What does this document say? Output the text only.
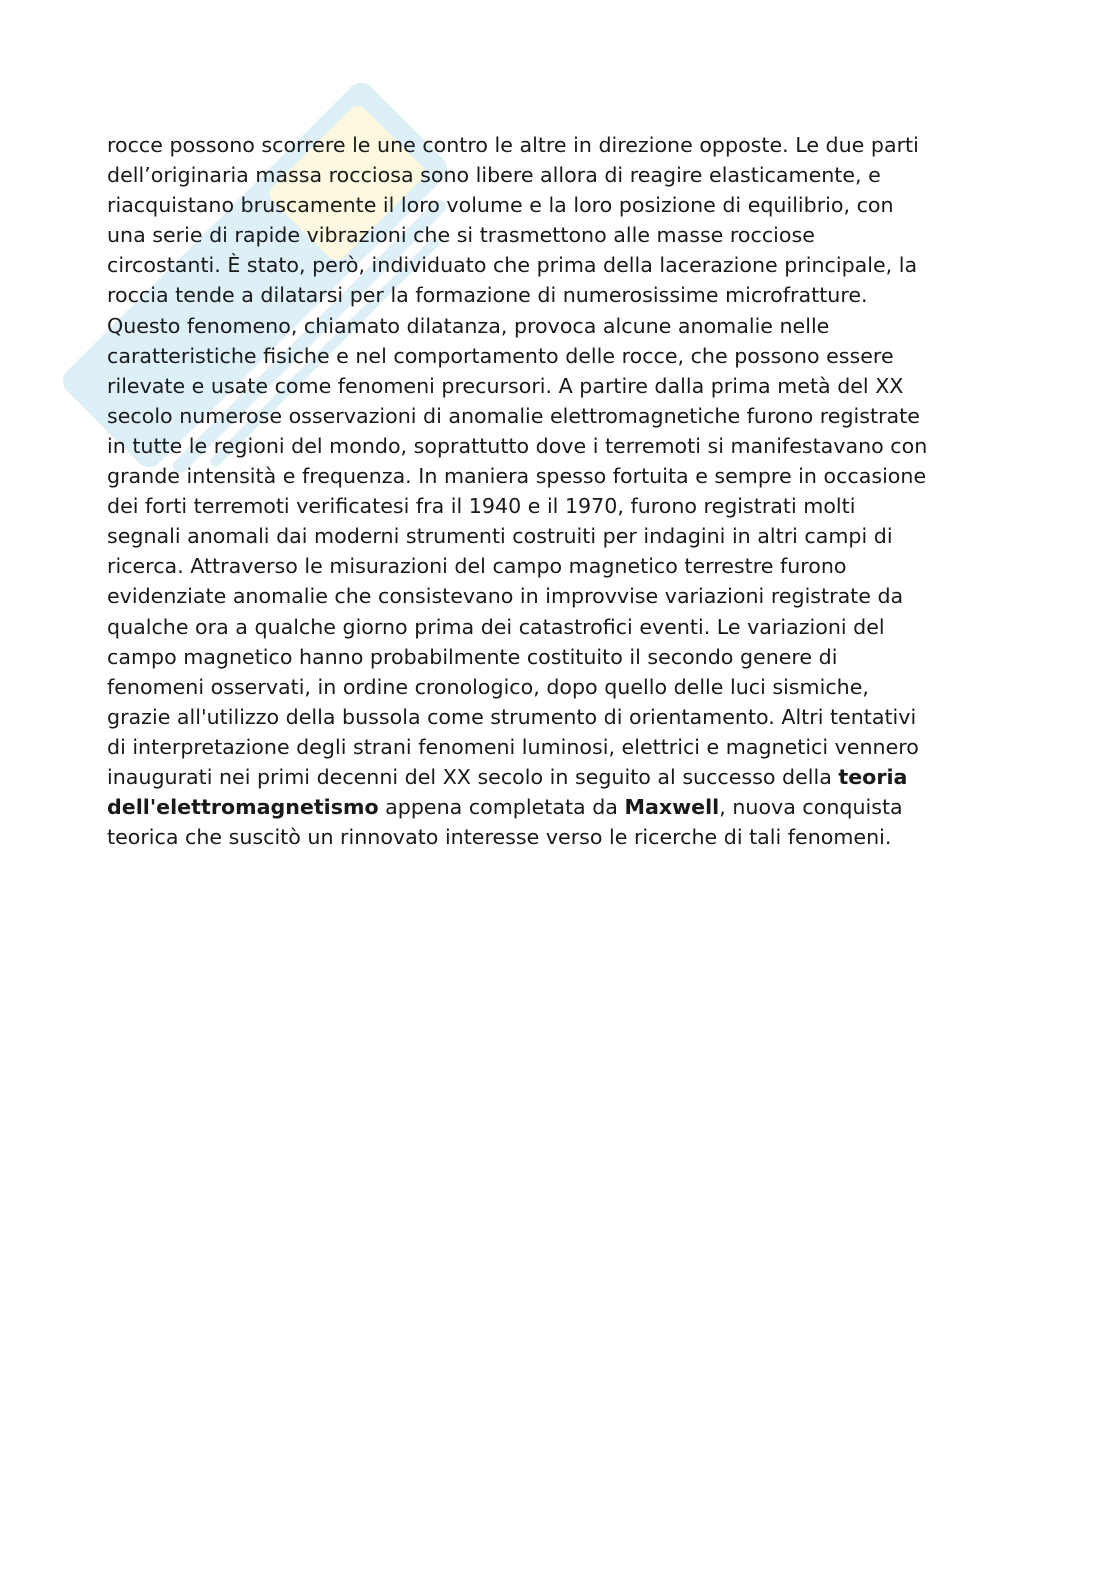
rocce possono scorrere le une contro le altre in direzione opposte. Le due parti
dell’originaria massa rocciosa sono libere allora di reagire elasticamente, e
riacquistano bruscamente il loro volume e la loro posizione di equilibrio, con
una serie di rapide vibrazioni che si trasmettono alle masse rocciose
circostanti. È stato, però, individuato che prima della lacerazione principale, la
roccia tende a dilatarsi per la formazione di numerosissime microfratture.
Questo fenomeno, chiamato dilatanza, provoca alcune anomalie nelle
caratteristiche fisiche e nel comportamento delle rocce, che possono essere
rilevate e usate come fenomeni precursori. A partire dalla prima metà del XX
secolo numerose osservazioni di anomalie elettromagnetiche furono registrate
in tutte le regioni del mondo, soprattutto dove i terremoti si manifestavano con
grande intensità e frequenza. In maniera spesso fortuita e sempre in occasione
dei forti terremoti verificatesi fra il 1940 e il 1970, furono registrati molti
segnali anomali dai moderni strumenti costruiti per indagini in altri campi di
ricerca. Attraverso le misurazioni del campo magnetico terrestre furono
evidenziate anomalie che consistevano in improvvise variazioni registrate da
qualche ora a qualche giorno prima dei catastrofici eventi. Le variazioni del
campo magnetico hanno probabilmente costituito il secondo genere di
fenomeni osservati, in ordine cronologico, dopo quello delle luci sismiche,
grazie all'utilizzo della bussola come strumento di orientamento. Altri tentativi
di interpretazione degli strani fenomeni luminosi, elettrici e magnetici vennero
inaugurati nei primi decenni del XX secolo in seguito al successo della teoria
dell'elettromagnetismo appena completata da Maxwell, nuova conquista
teorica che suscitò un rinnovato interesse verso le ricerche di tali fenomeni.
